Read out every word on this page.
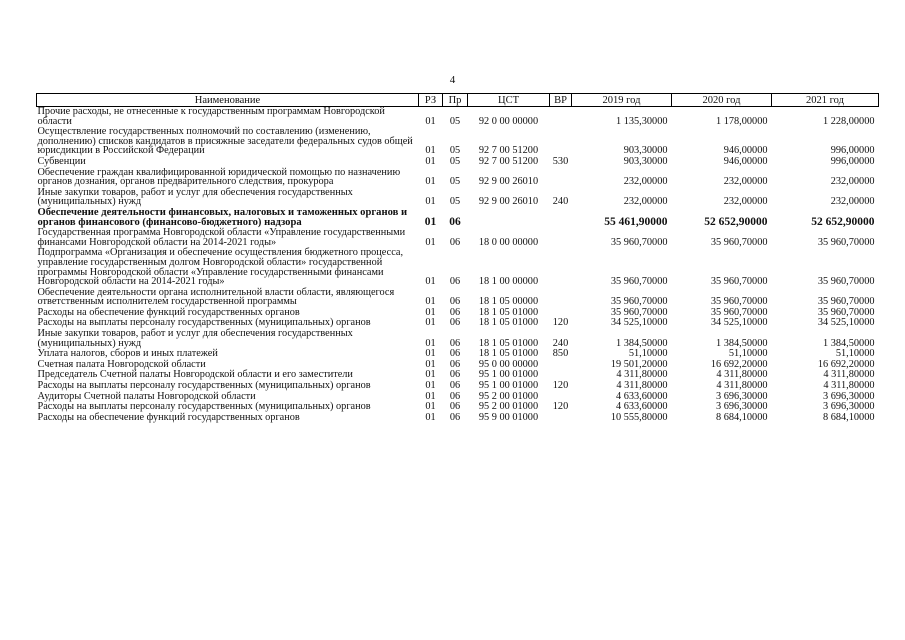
4
Наименование	РЗ	Пр	ЦСТ	ВР	2019 год	2020 год	2021 год
Прочие расходы, не отнесенные к государственным программам Новгородской области	01	05	92 0 00 00000		1 135,30000	1 178,00000	1 228,00000
Осуществление государственных полномочий по составлению (изменению, дополнению) списков кандидатов в присяжные заседатели федеральных судов общей юрисдикции в Российской Федерации	01	05	92 7 00 51200		903,30000	946,00000	996,00000
Субвенции	01	05	92 7 00 51200	530	903,30000	946,00000	996,00000
Обеспечение граждан квалифицированной юридической помощью по назначению органов дознания, органов предварительного следствия, прокурора	01	05	92 9 00 26010		232,00000	232,00000	232,00000
Иные закупки товаров, работ и услуг для обеспечения государственных (муниципальных) нужд	01	05	92 9 00 26010	240	232,00000	232,00000	232,00000
Обеспечение деятельности финансовых, налоговых и таможенных органов и органов финансового (финансово-бюджетного) надзора	01	06			55 461,90000	52 652,90000	52 652,90000
Государственная программа Новгородской области «Управление государственными финансами Новгородской области на 2014-2021 годы»	01	06	18 0 00 00000		35 960,70000	35 960,70000	35 960,70000
Подпрограмма «Организация и обеспечение осуществления бюджетного процесса, управление государственным долгом Новгородской области» государственной программы Новгородской области «Управление государственными финансами Новгородской области на 2014-2021 годы»	01	06	18 1 00 00000		35 960,70000	35 960,70000	35 960,70000
Обеспечение деятельности органа исполнительной власти области, являющегося ответственным исполнителем государственной программы	01	06	18 1 05 00000		35 960,70000	35 960,70000	35 960,70000
Расходы на обеспечение функций государственных органов	01	06	18 1 05 01000		35 960,70000	35 960,70000	35 960,70000
Расходы на выплаты персоналу государственных (муниципальных) органов	01	06	18 1 05 01000	120	34 525,10000	34 525,10000	34 525,10000
Иные закупки товаров, работ и услуг для обеспечения государственных (муниципальных) нужд	01	06	18 1 05 01000	240	1 384,50000	1 384,50000	1 384,50000
Уплата налогов, сборов и иных платежей	01	06	18 1 05 01000	850	51,10000	51,10000	51,10000
Счетная палата Новгородской области	01	06	95 0 00 00000		19 501,20000	16 692,20000	16 692,20000
Председатель Счетной палаты Новгородской области и его заместители	01	06	95 1 00 01000		4 311,80000	4 311,80000	4 311,80000
Расходы на выплаты персоналу государственных (муниципальных) органов	01	06	95 1 00 01000	120	4 311,80000	4 311,80000	4 311,80000
Аудиторы Счетной палаты Новгородской области	01	06	95 2 00 01000		4 633,60000	3 696,30000	3 696,30000
Расходы на выплаты персоналу государственных (муниципальных) органов	01	06	95 2 00 01000	120	4 633,60000	3 696,30000	3 696,30000
Расходы на обеспечение функций государственных органов	01	06	95 9 00 01000		10 555,80000	8 684,10000	8 684,10000
